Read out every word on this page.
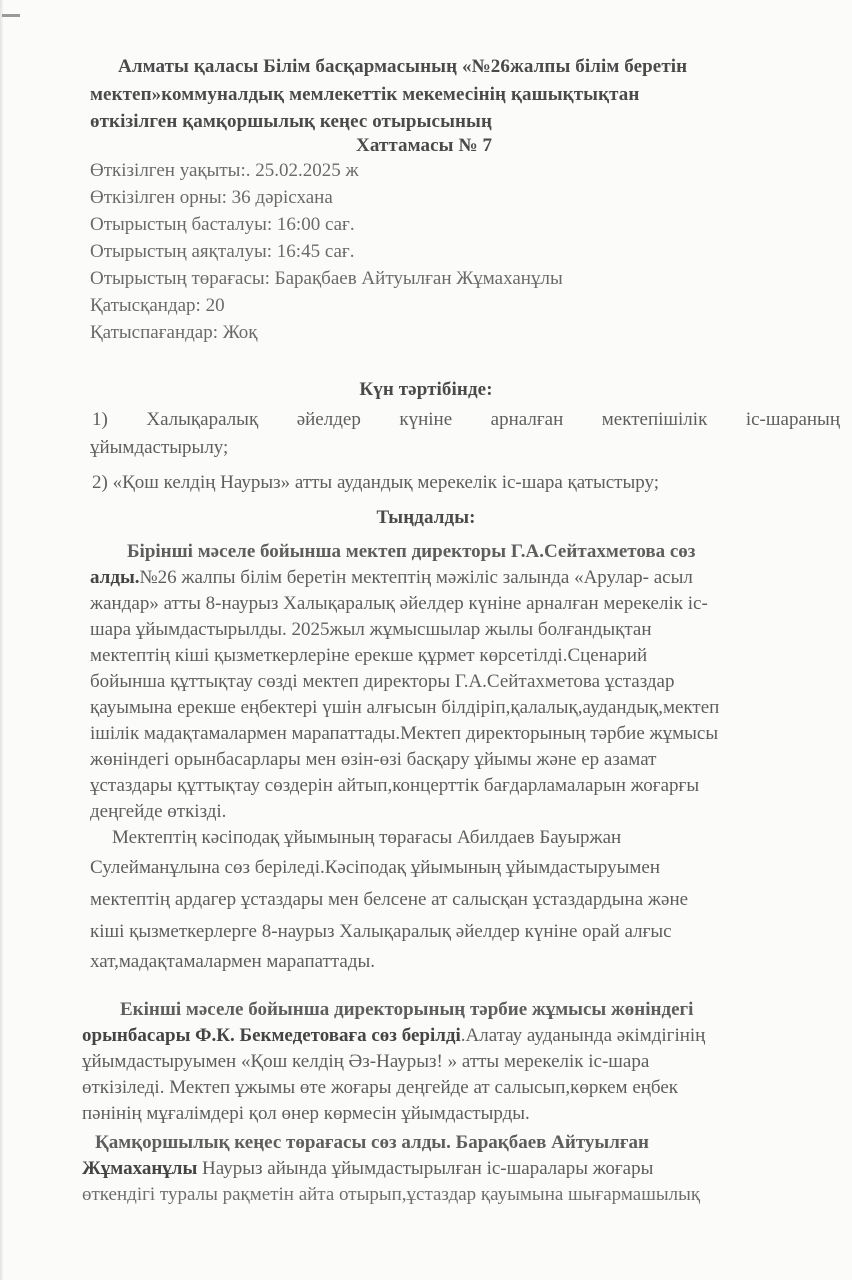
Алматы қаласы Білім басқармасының «№26жалпы білім беретін
мектеп»коммуналдық мемлекеттік мекемесінің қашықтықтан
өткізілген қамқоршылық кеңес отырысының
Хаттамасы № 7
Өткізілген уақыты:. 25.02.2025 ж
Өткізілген орны: 36 дәрісхана
Отырыстың басталуы: 16:00 сағ.
Отырыстың аяқталуы: 16:45 сағ.
Отырыстың төрағасы: Барақбаев Айтуылған Жұмаханұлы
Қатысқандар: 20
Қатыспағандар: Жоқ
Күн тәртібінде:
1) Халықаралық әйелдер күніне арналған мектепішілік іс-шараның
ұйымдастырылу;
2) «Қош келдің Наурыз» атты аудандық мерекелік іс-шара қатыстыру;
Тыңдалды:
Бірінші мәселе бойынша мектеп директоры Г.А.Сейтахметова сөз
алды.№26 жалпы білім беретін мектептің мәжіліс залында «Арулар- асыл
жандар» атты 8-наурыз Халықаралық әйелдер күніне арналған мерекелік іс-
шара ұйымдастырылды. 2025жыл жұмысшылар жылы болғандықтан
мектептің кіші қызметкерлеріне ерекше құрмет көрсетілді.Сценарий
бойынша құттықтау сөзді мектеп директоры Г.А.Сейтахметова ұстаздар
қауымына ерекше еңбектері үшін алғысын білдіріп,қалалық,аудандық,мектеп
ішілік мадақтамалармен марапаттады.Мектеп директорының тәрбие жұмысы
жөніндегі орынбасарлары мен өзін-өзі басқару ұйымы және ер азамат
ұстаздары құттықтау сөздерін айтып,концерттік бағдарламаларын жоғарғы
деңгейде өткізді.
Мектептің кәсіподақ ұйымының төрағасы Абилдаев Бауыржан
Сулейманұлына сөз беріледі.Кәсіподақ ұйымының ұйымдастыруымен
мектептің ардагер ұстаздары мен белсене ат салысқан ұстаздардына және
кіші қызметкерлерге 8-наурыз Халықаралық әйелдер күніне орай алғыс
хат,мадақтамалармен марапаттады.
Екінші мәселе бойынша директорының тәрбие жұмысы жөніндегі
орынбасары Ф.К. Бекмедетоваға сөз берілді.Алатау ауданында әкімдігінің
ұйымдастыруымен «Қош келдің Әз-Наурыз! » атты мерекелік іс-шара
өткізіледі. Мектеп ұжымы өте жоғары деңгейде ат салысып,көркем еңбек
пәнінің мұғалімдері қол өнер көрмесін ұйымдастырды.
Қамқоршылық кеңес төрағасы сөз алды. Барақбаев Айтуылған
Жұмаханұлы Наурыз айында ұйымдастырылған іс-шаралары жоғары
өткендігі туралы рақметін айта отырып,ұстаздар қауымына шығармашылық
